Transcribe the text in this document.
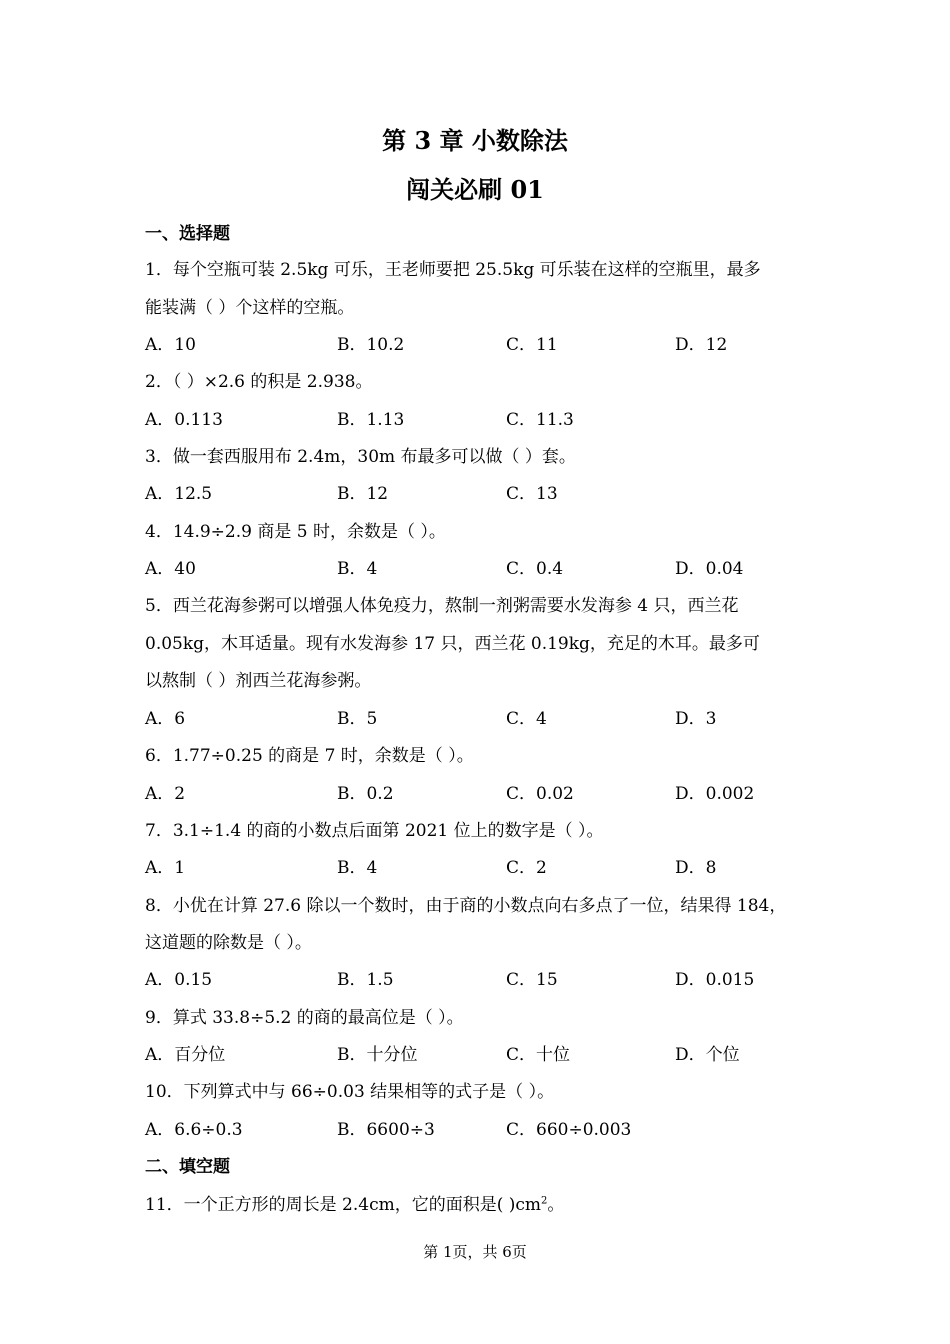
第 3 章 小数除法
闯关必刷 01
一、选择题
1．每个空瓶可装 2.5kg 可乐，王老师要把 25.5kg 可乐装在这样的空瓶里，最多
能装满（ ）个这样的空瓶。
A．10	B．10.2	C．11	D．12
2．（ ）×2.6 的积是 2.938。
A．0.113	B．1.13	C．11.3
3．做一套西服用布 2.4m，30m 布最多可以做（ ）套。
A．12.5	B．12	C．13
4．14.9÷2.9 商是 5 时，余数是（ ）。
A．40	B．4	C．0.4	D．0.04
5．西兰花海参粥可以增强人体免疫力，熬制一剂粥需要水发海参 4 只，西兰花
0.05kg，木耳适量。现有水发海参 17 只，西兰花 0.19kg，充足的木耳。最多可
以熬制（ ）剂西兰花海参粥。
A．6	B．5	C．4	D．3
6．1.77÷0.25 的商是 7 时，余数是（ ）。
A．2	B．0.2	C．0.02	D．0.002
7．3.1÷1.4 的商的小数点后面第 2021 位上的数字是（ ）。
A．1	B．4	C．2	D．8
8．小优在计算 27.6 除以一个数时，由于商的小数点向右多点了一位，结果得 184，
这道题的除数是（ ）。
A．0.15	B．1.5	C．15	D．0.015
9．算式 33.8÷5.2 的商的最高位是（ ）。
A．百分位	B．十分位	C．十位	D．个位
10．下列算式中与 66÷0.03 结果相等的式子是（ ）。
A．6.6÷0.3	B．6600÷3	C．660÷0.003
二、填空题
11．一个正方形的周长是 2.4cm，它的面积是( )$cm^2$。
第 1页，共 6页
